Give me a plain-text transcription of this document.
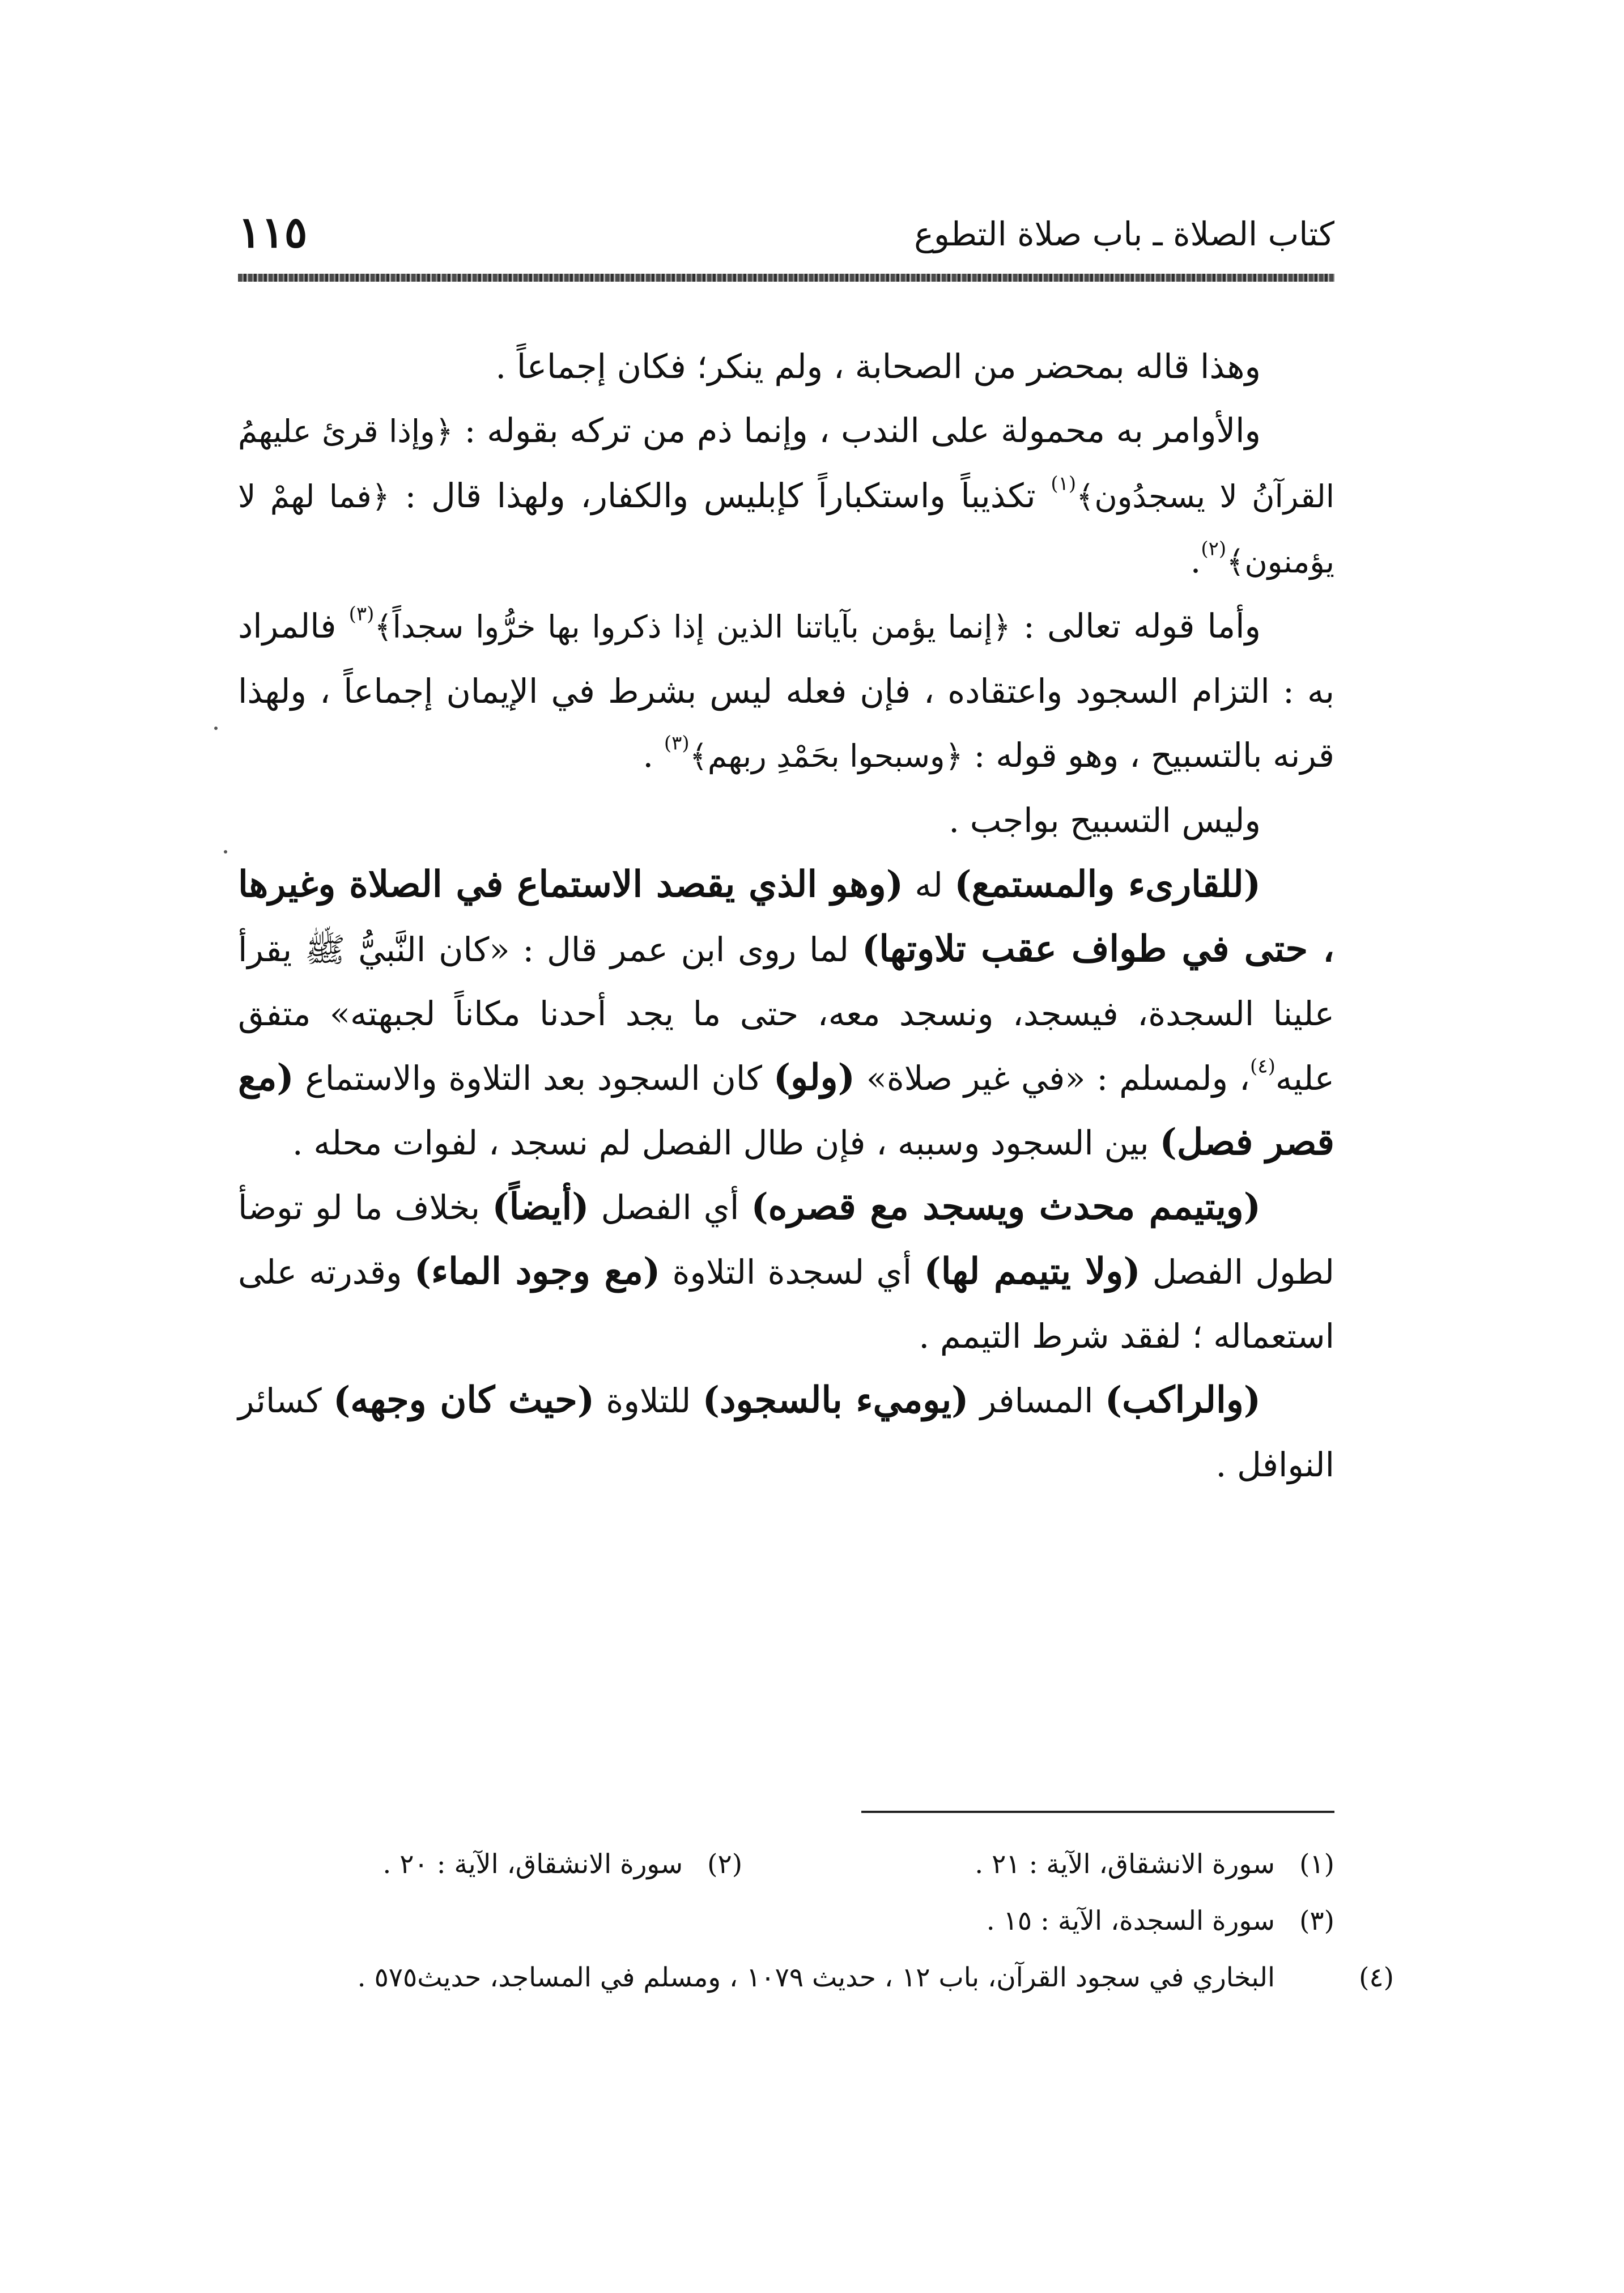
كتاب الصلاة ـ باب صلاة التطوع
١١٥

وهذا قاله بمحضر من الصحابة ، ولم ينكر؛ فكان إجماعاً .

والأوامر به محمولة على الندب ، وإنما ذم من تركه بقوله : ﴿وإذا قرئ عليهمُ القرآنُ لا يسجدُون﴾$^{(١)}$ تكذيباً واستكباراً كإبليس والكفار، ولهذا قال : ﴿فما لهمْ لا يؤمنون﴾$^{(٢)}$.

وأما قوله تعالى : ﴿إنما يؤمن بآياتنا الذين إذا ذكروا بها خرُّوا سجداً﴾$^{(٣)}$ فالمراد به : التزام السجود واعتقاده ، فإن فعله ليس بشرط في الإيمان إجماعاً ، ولهذا قرنه بالتسبيح ، وهو قوله : ﴿وسبحوا بحَمْدِ ربهم﴾$^{(٣)}$ .

وليس التسبيح بواجب .

(للقارىء والمستمع) له (وهو الذي يقصد الاستماع في الصلاة وغيرها ، حتى في طواف عقب تلاوتها) لما روى ابن عمر قال : «كان النَّبيُّ ﷺ يقرأ علينا السجدة، فيسجد، ونسجد معه، حتى ما يجد أحدنا مكاناً لجبهته» متفق عليه$^{(٤)}$، ولمسلم : «في غير صلاة» (ولو) كان السجود بعد التلاوة والاستماع (مع قصر فصل) بين السجود وسببه ، فإن طال الفصل لم نسجد ، لفوات محله .

(ويتيمم محدث ويسجد مع قصره) أي الفصل (أيضاً) بخلاف ما لو توضأ لطول الفصل (ولا يتيمم لها) أي لسجدة التلاوة (مع وجود الماء) وقدرته على استعماله ؛ لفقد شرط التيمم .

(والراكب) المسافر (يوميء بالسجود) للتلاوة (حيث كان وجهه) كسائر النوافل .

(١)سورة الانشقاق، الآية : ٢١ .

(٢)سورة الانشقاق، الآية : ٢٠ .

(٣)سورة السجدة، الآية : ١٥ .

(٤)البخاري في سجود القرآن، باب ١٢ ، حديث ١٠٧٩ ، ومسلم في المساجد، حديث٥٧٥ .
